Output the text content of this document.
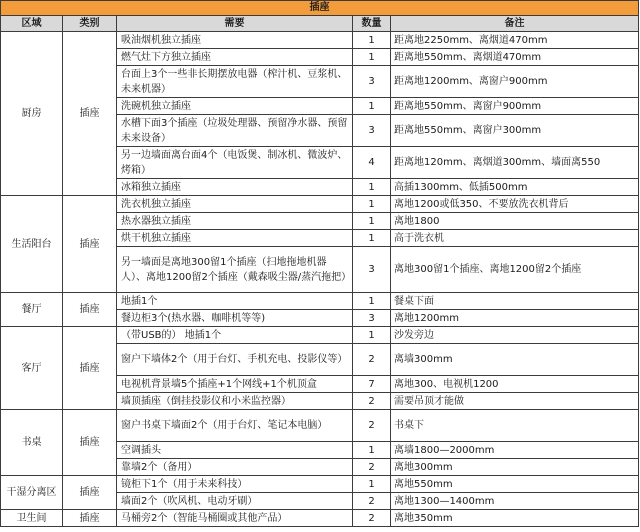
插座				
区域	类别	需要	数量	备注
厨房	插座	吸油烟机独立插座	1	距离地2250mm、离烟道470mm
		燃气灶下方独立插座	1	距离地550mm、离烟道470mm
		台面上3个一些非长期摆放电器（榨汁机、豆浆机、未来机器）	3	距离地1200mm、离窗户900mm
		洗碗机独立插座	1	距离地550mm、离窗户900mm
		水槽下面3个插座（垃圾处理器、预留净水器、预留未来设备）	3	距离地550mm、离窗户300mm
		另一边墙面离台面4个（电饭煲、制冰机、微波炉、烤箱）	4	距离地120mm、离烟道300mm、墙面离550
		冰箱独立插座	1	高插1300mm、低插500mm
生活阳台	插座	洗衣机独立插座	1	离地1200或低350、不要放洗衣机背后
		热水器独立插座	1	离地1800
		烘干机独立插座	1	高于洗衣机
		另一墙面是离地300留1个插座（扫地拖地机器人）、离地1200留2个插座（戴森吸尘器/蒸汽拖把）	3	离地300留1个插座、离地1200留2个插座
餐厅	插座	地插1个	1	餐桌下面
		餐边柜3个(热水器、咖啡机等等)	3	离地1200mm
客厅	插座	（带USB的） 地插1个	1	沙发旁边
		窗户下墙体2个（用于台灯、手机充电、投影仪等）	2	离墙300mm
		电视机背景墙5个插座+1个网线+1个机顶盒	7	离地300、电视机1200
		墙顶插座（倒挂投影仪和小米监控器）	2	需要吊顶才能做
书桌	插座	窗户书桌下墙面2个（用于台灯、笔记本电脑）	2	书桌下
		空调插头	1	离墙1800—2000mm
		靠墙2个（备用）	2	离地300mm
干湿分离区	插座	镜柜下1个（用于未来科技）	1	离地550mm
		墙面2个（吹风机、电动牙刷）	2	离地1300—1400mm
卫生间	插座	马桶旁2个（智能马桶圈或其他产品）	2	离地350mm
